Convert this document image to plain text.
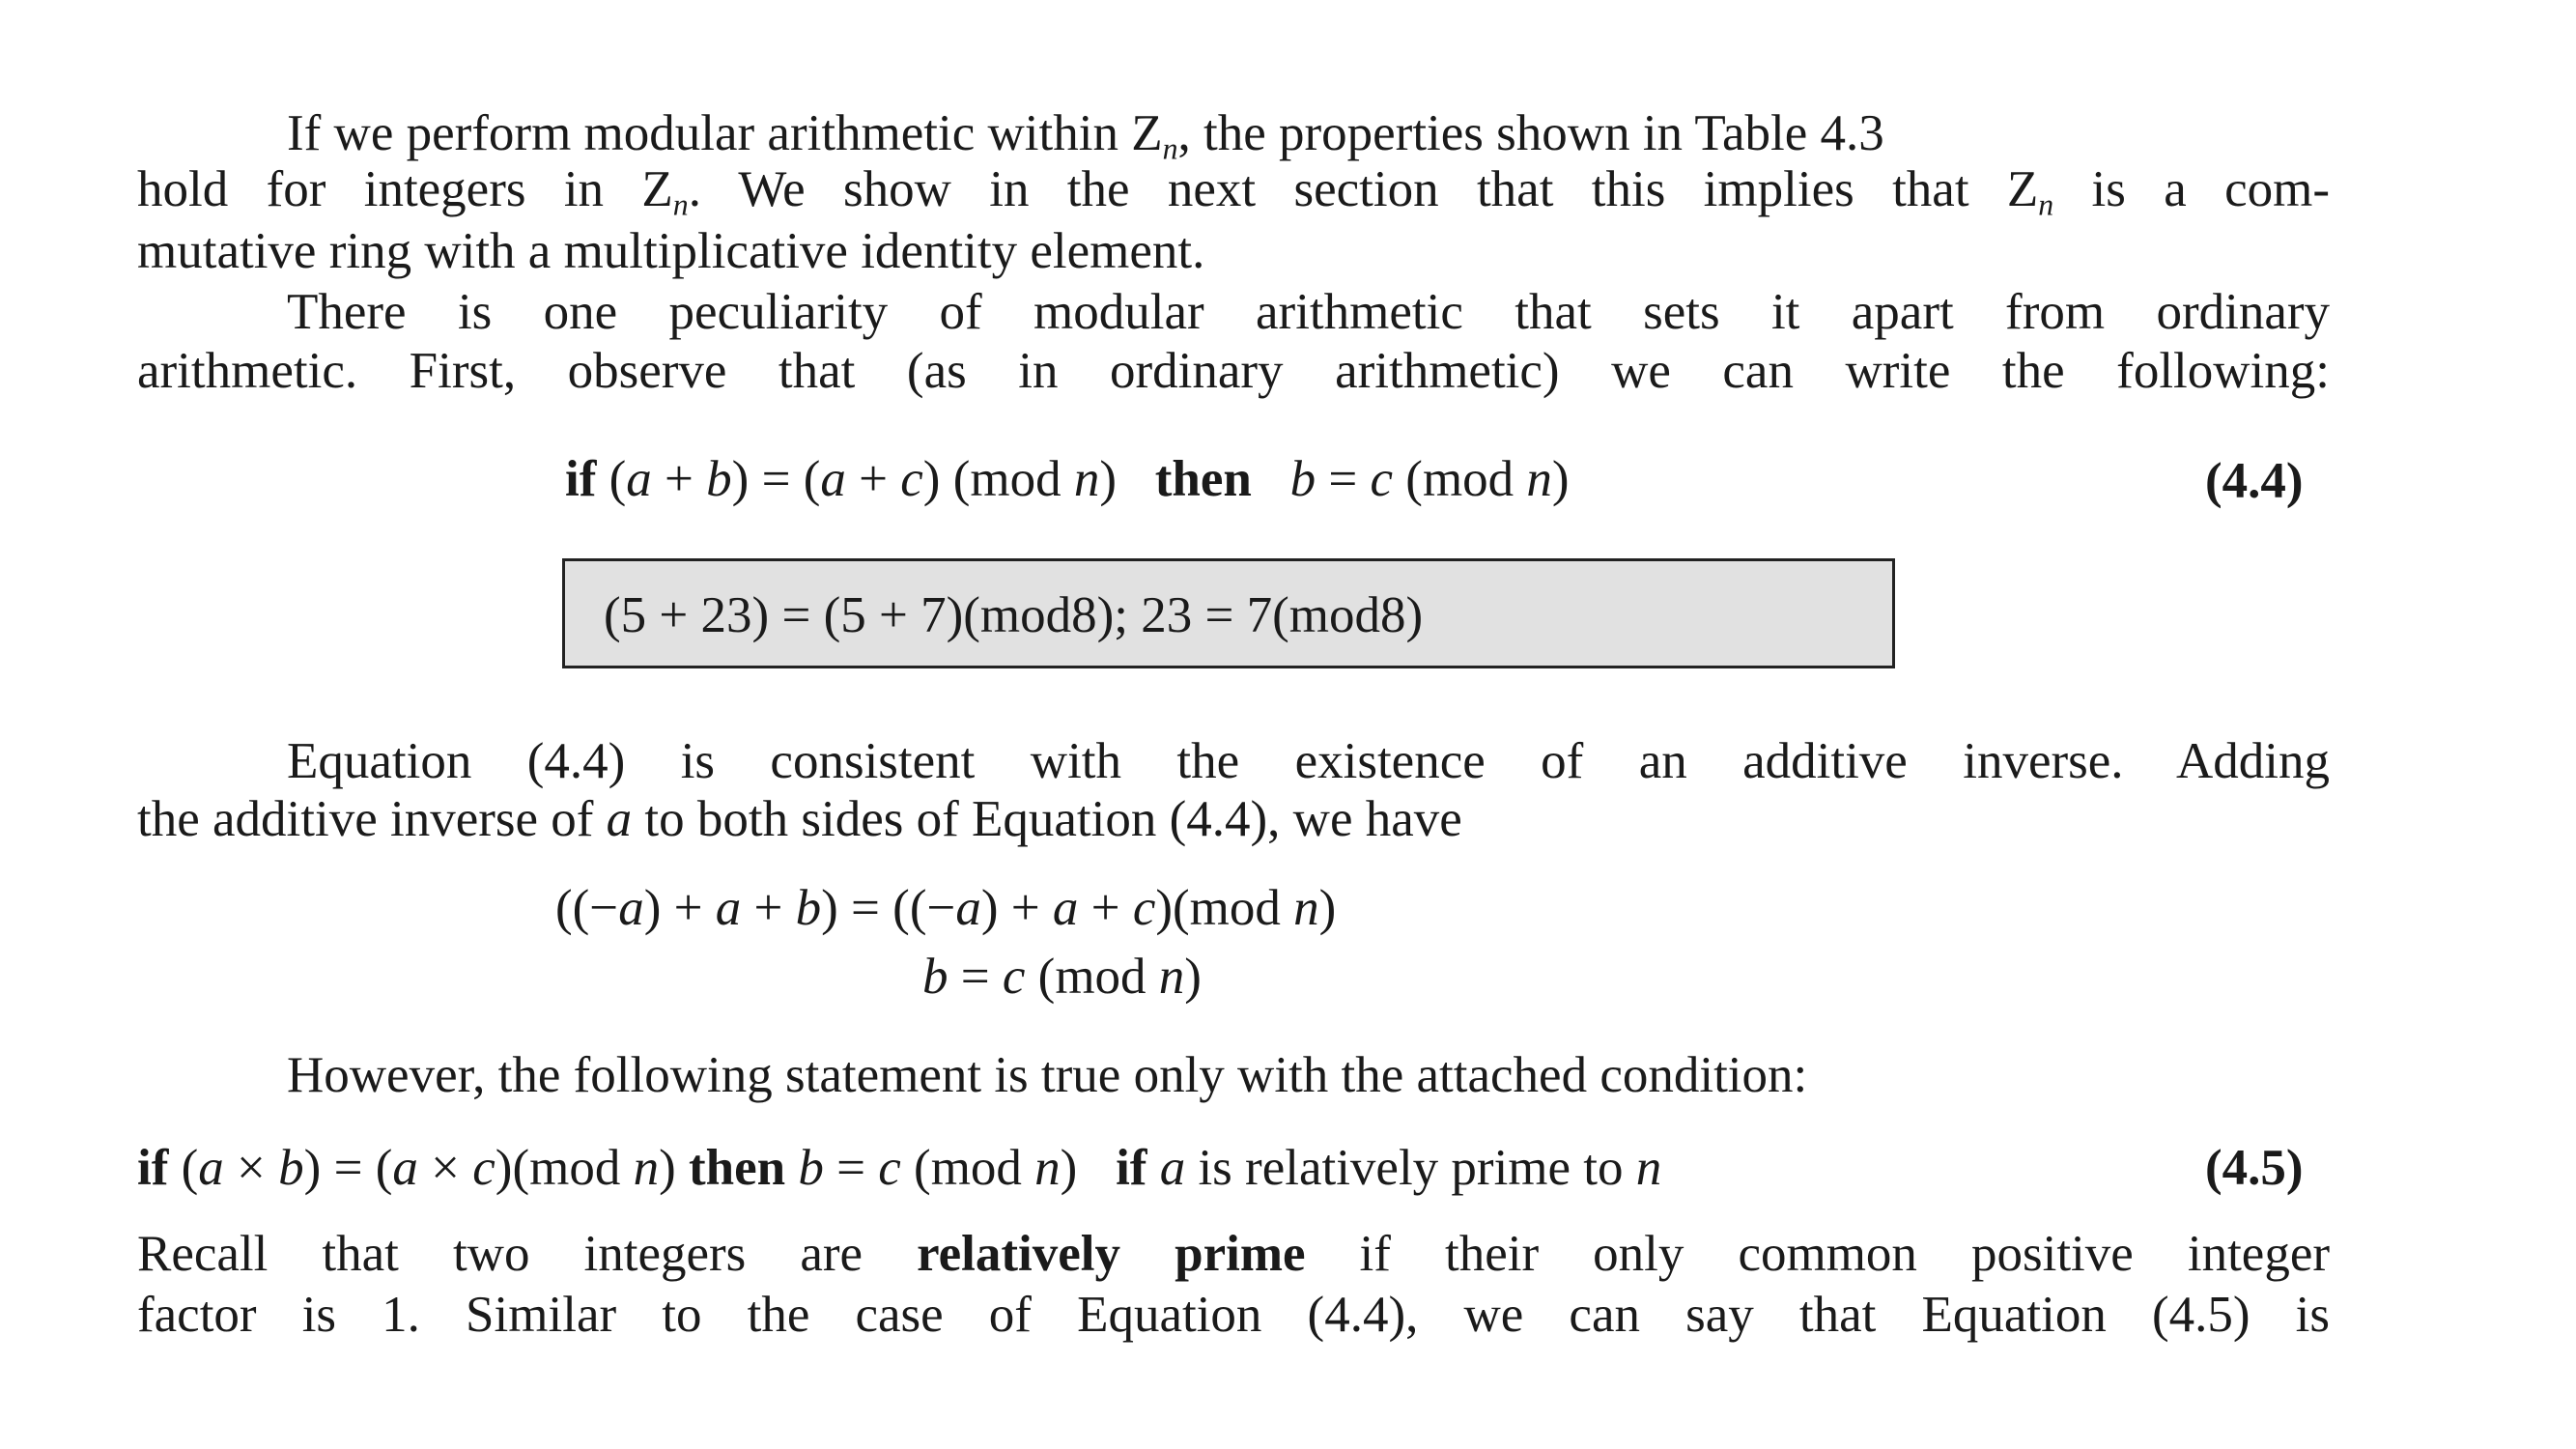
If we perform modular arithmetic within $Z_n$, the properties shown in Table 4.3
hold for integers in $Z_n$. We show in the next section that this implies that $Z_n$ is a com-
mutative ring with a multiplicative identity element.
There is one peculiarity of modular arithmetic that sets it apart from ordinary
arithmetic. First, observe that (as in ordinary arithmetic) we can write the following:
if (a + b) = (a + c) (mod n) then b = c (mod n)	(4.4)
(5 + 23) = (5 + 7)(mod8); 23 = 7(mod8)
Equation (4.4) is consistent with the existence of an additive inverse. Adding
the additive inverse of a to both sides of Equation (4.4), we have
((−a) + a + b) = ((−a) + a + c)(mod n)
b = c (mod n)
However, the following statement is true only with the attached condition:
if (a × b) = (a × c)(mod n) then b = c (mod n) if a is relatively prime to n	(4.5)
Recall that two integers are relatively prime if their only common positive integer
factor is 1. Similar to the case of Equation (4.4), we can say that Equation (4.5) is
